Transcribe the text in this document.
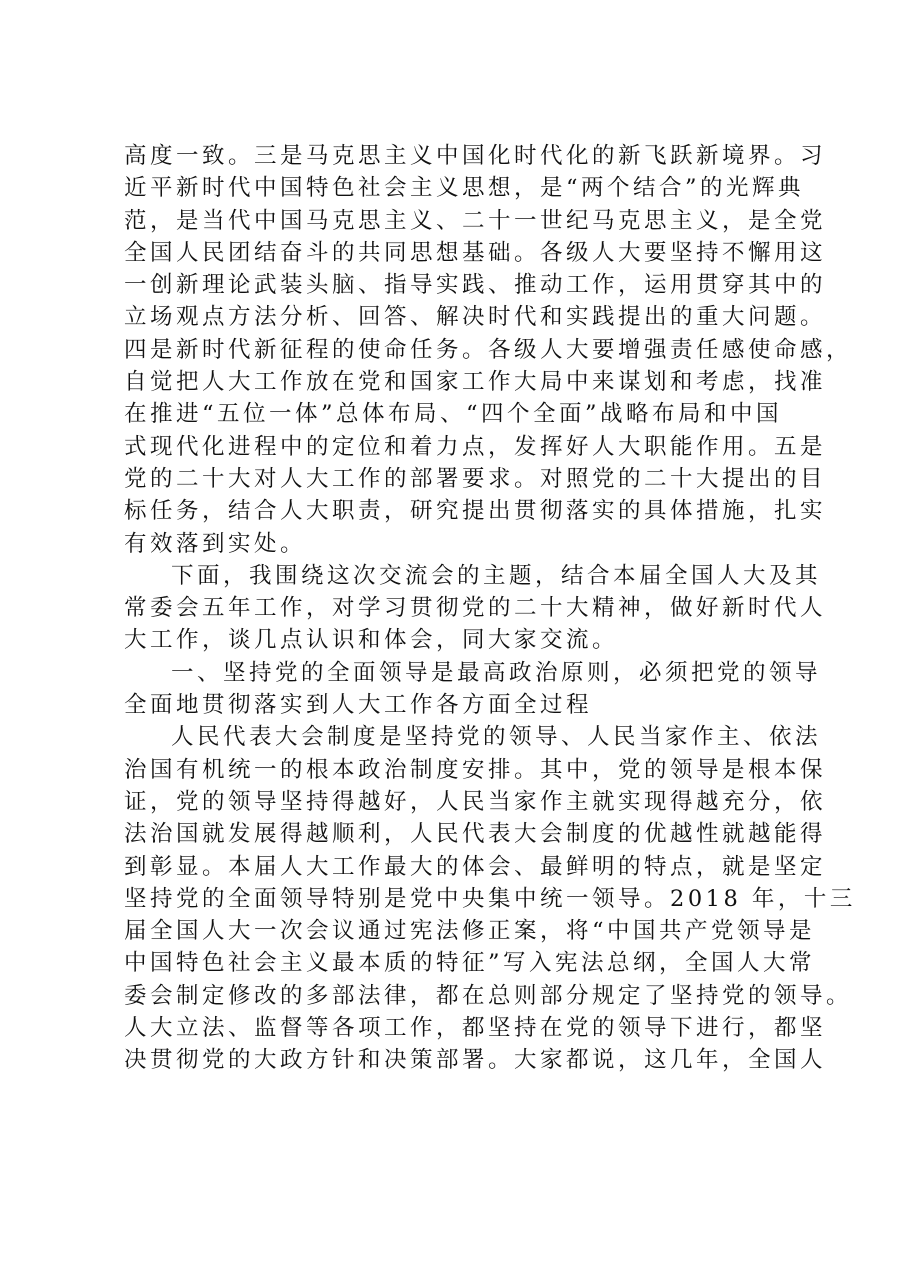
高度一致。三是马克思主义中国化时代化的新飞跃新境界。习
近平新时代中国特色社会主义思想，是“两个结合”的光辉典
范，是当代中国马克思主义、二十一世纪马克思主义，是全党
全国人民团结奋斗的共同思想基础。各级人大要坚持不懈用这
一创新理论武装头脑、指导实践、推动工作，运用贯穿其中的
立场观点方法分析、回答、解决时代和实践提出的重大问题。
四是新时代新征程的使命任务。各级人大要增强责任感使命感，
自觉把人大工作放在党和国家工作大局中来谋划和考虑，找准
在推进“五位一体”总体布局、“四个全面”战略布局和中国
式现代化进程中的定位和着力点，发挥好人大职能作用。五是
党的二十大对人大工作的部署要求。对照党的二十大提出的目
标任务，结合人大职责，研究提出贯彻落实的具体措施，扎实
有效落到实处。
下面，我围绕这次交流会的主题，结合本届全国人大及其
常委会五年工作，对学习贯彻党的二十大精神，做好新时代人
大工作，谈几点认识和体会，同大家交流。
一、坚持党的全面领导是最高政治原则，必须把党的领导
全面地贯彻落实到人大工作各方面全过程
人民代表大会制度是坚持党的领导、人民当家作主、依法
治国有机统一的根本政治制度安排。其中，党的领导是根本保
证，党的领导坚持得越好，人民当家作主就实现得越充分，依
法治国就发展得越顺利，人民代表大会制度的优越性就越能得
到彰显。本届人大工作最大的体会、最鲜明的特点，就是坚定
坚持党的全面领导特别是党中央集中统一领导。2018 年，十三
届全国人大一次会议通过宪法修正案，将“中国共产党领导是
中国特色社会主义最本质的特征”写入宪法总纲，全国人大常
委会制定修改的多部法律，都在总则部分规定了坚持党的领导。
人大立法、监督等各项工作，都坚持在党的领导下进行，都坚
决贯彻党的大政方针和决策部署。大家都说，这几年，全国人
